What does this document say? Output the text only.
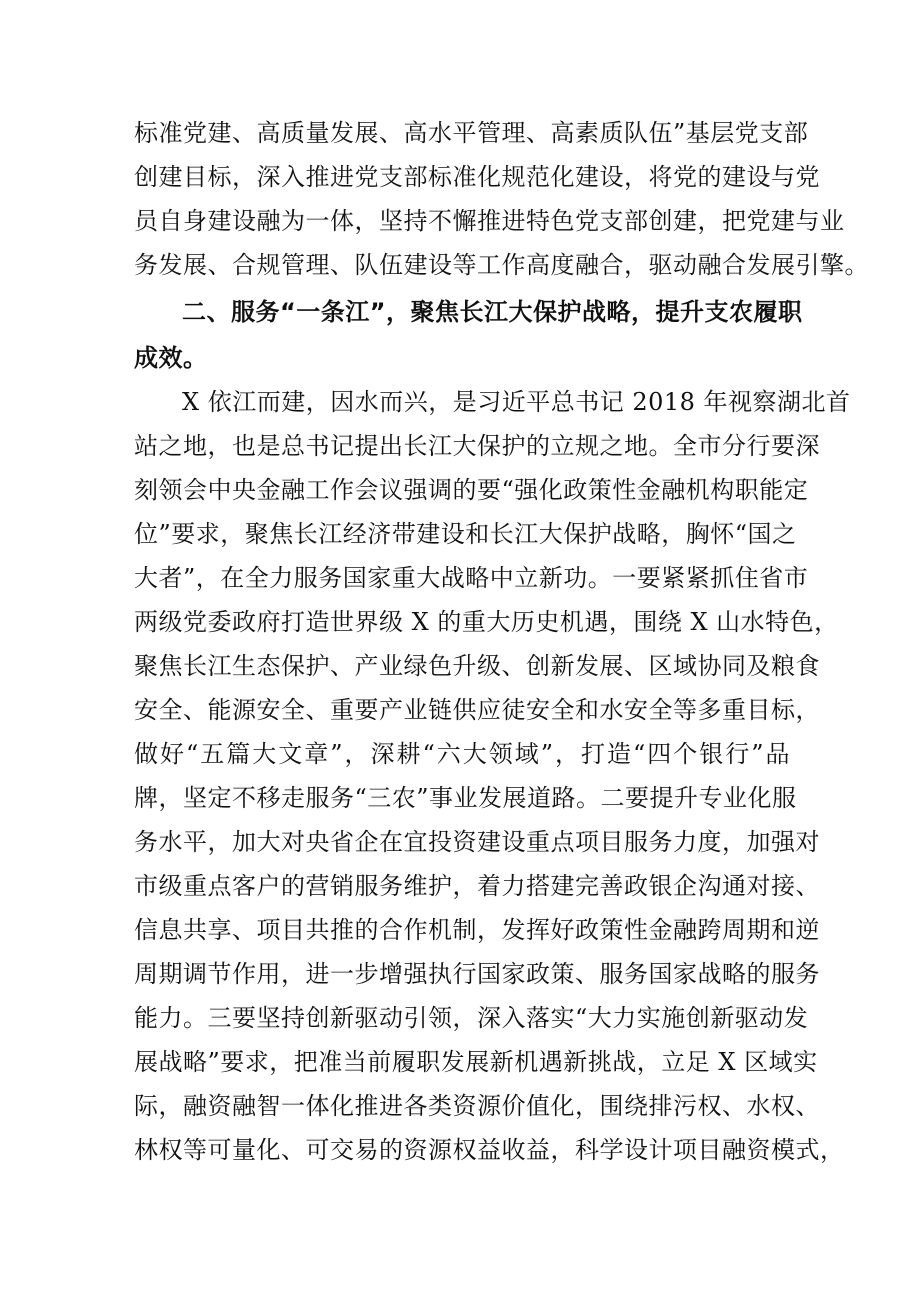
标准党建、高质量发展、高水平管理、高素质队伍”基层党支部
创建目标，深入推进党支部标准化规范化建设，将党的建设与党
员自身建设融为一体，坚持不懈推进特色党支部创建，把党建与业
务发展、合规管理、队伍建设等工作高度融合，驱动融合发展引擎。
二、服务“一条江”，聚焦长江大保护战略，提升支农履职
成效。
X 依江而建，因水而兴，是习近平总书记 2018 年视察湖北首
站之地，也是总书记提出长江大保护的立规之地。全市分行要深
刻领会中央金融工作会议强调的要“强化政策性金融机构职能定
位”要求，聚焦长江经济带建设和长江大保护战略，胸怀“国之
大者”，在全力服务国家重大战略中立新功。一要紧紧抓住省市
两级党委政府打造世界级 X 的重大历史机遇，围绕 X 山水特色，
聚焦长江生态保护、产业绿色升级、创新发展、区域协同及粮食
安全、能源安全、重要产业链供应徒安全和水安全等多重目标，
做好“五篇大文章”，深耕“六大领域”，打造“四个银行”品
牌，坚定不移走服务“三农”事业发展道路。二要提升专业化服
务水平，加大对央省企在宜投资建设重点项目服务力度，加强对
市级重点客户的营销服务维护，着力搭建完善政银企沟通对接、
信息共享、项目共推的合作机制，发挥好政策性金融跨周期和逆
周期调节作用，进一步增强执行国家政策、服务国家战略的服务
能力。三要坚持创新驱动引领，深入落实“大力实施创新驱动发
展战略”要求，把准当前履职发展新机遇新挑战，立足 X 区域实
际，融资融智一体化推进各类资源价值化，围绕排污权、水权、
林权等可量化、可交易的资源权益收益，科学设计项目融资模式，
